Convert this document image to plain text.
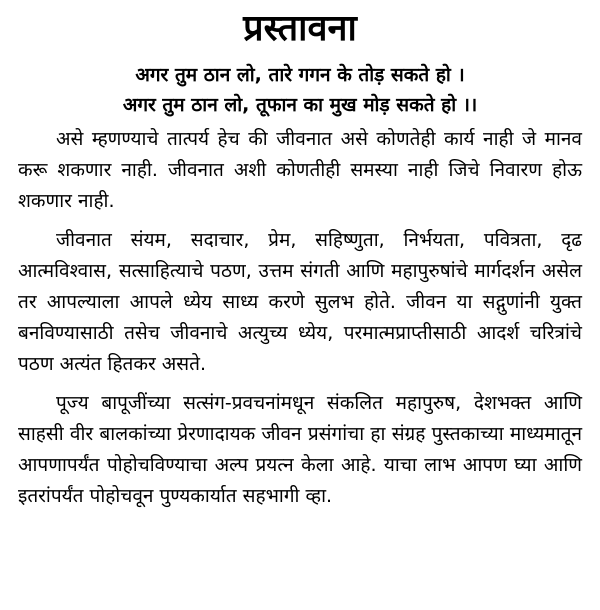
प्रस्तावना

अगर तुम ठान लो, तारे गगन के तोड़ सकते हो ।

अगर तुम ठान लो, तूफान का मुख मोड़ सकते हो ।।

असे म्हणण्याचे तात्पर्य हेच की जीवनात असे कोणतेही कार्य नाही जे मानव करू शकणार नाही. जीवनात अशी कोणतीही समस्या नाही जिचे निवारण होऊ शकणार नाही.

जीवनात संयम, सदाचार, प्रेम, सहिष्णुता, निर्भयता, पवित्रता, दृढ आत्मविश्वास, सत्साहित्याचे पठण, उत्तम संगती आणि महापुरुषांचे मार्गदर्शन असेल तर आपल्याला आपले ध्येय साध्य करणे सुलभ होते. जीवन या सद्गुणांनी युक्त बनविण्यासाठी तसेच जीवनाचे अत्युच्य ध्येय, परमात्मप्राप्तीसाठी आदर्श चरित्रांचे पठण अत्यंत हितकर असते.

पूज्य बापूजींच्या सत्संग-प्रवचनांमधून संकलित महापुरुष, देशभक्त आणि साहसी वीर बालकांच्या प्रेरणादायक जीवन प्रसंगांचा हा संग्रह पुस्तकाच्या माध्यमातून आपणापर्यंत पोहोचविण्याचा अल्प प्रयत्न केला आहे. याचा लाभ आपण घ्या आणि इतरांपर्यंत पोहोचवून पुण्यकार्यात सहभागी व्हा.
